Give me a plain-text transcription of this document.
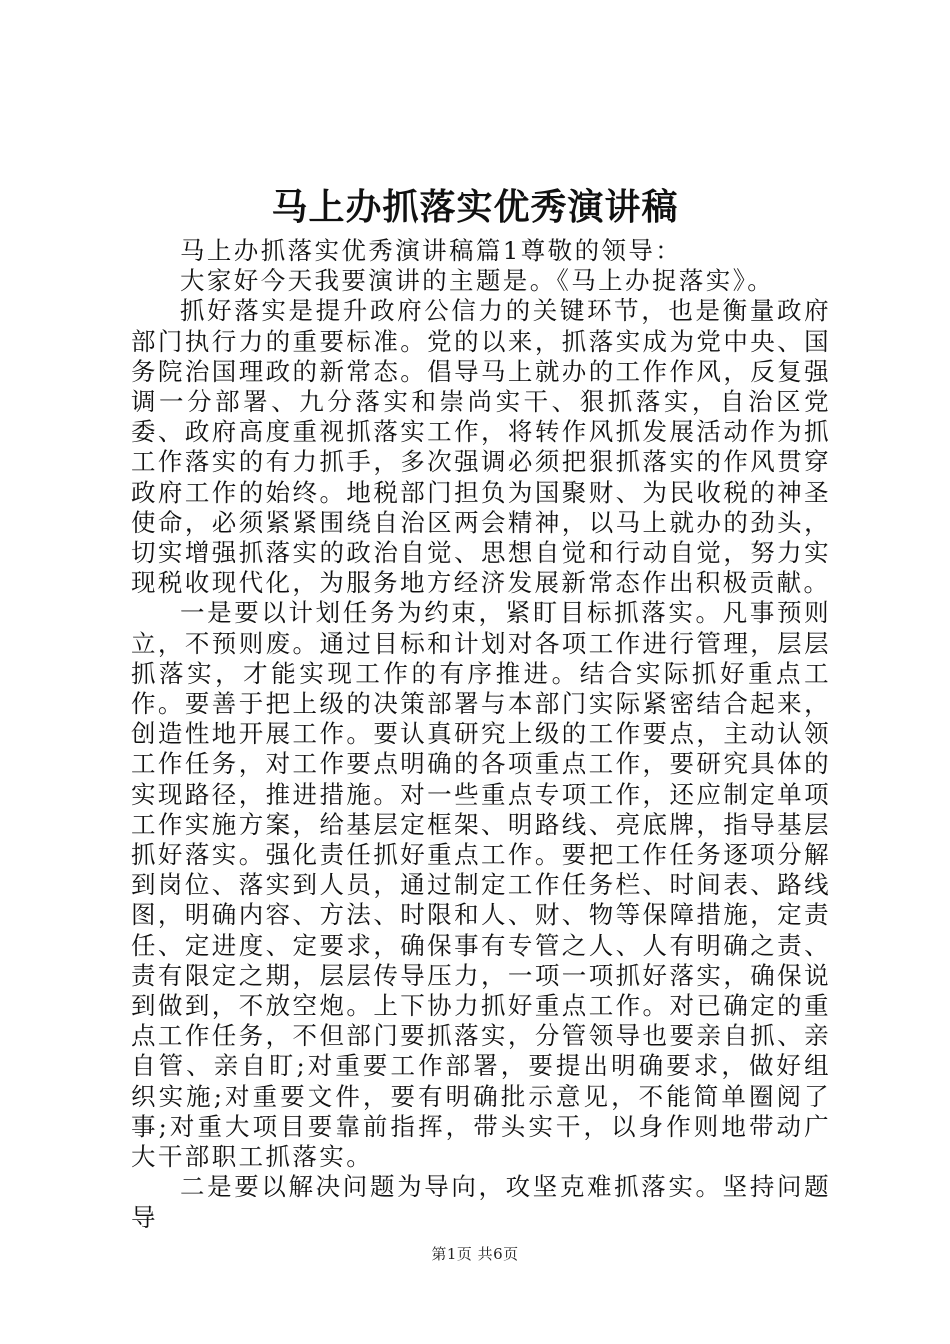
马上办抓落实优秀演讲稿

马上办抓落实优秀演讲稿篇1尊敬的领导：

大家好今天我要演讲的主题是。《马上办捉落实》。

抓好落实是提升政府公信力的关键环节，也是衡量政府部门执行力的重要标准。党的以来，抓落实成为党中央、国务院治国理政的新常态。倡导马上就办的工作作风，反复强调一分部署、九分落实和崇尚实干、狠抓落实，自治区党委、政府高度重视抓落实工作，将转作风抓发展活动作为抓工作落实的有力抓手，多次强调必须把狠抓落实的作风贯穿政府工作的始终。地税部门担负为国聚财、为民收税的神圣使命，必须紧紧围绕自治区两会精神，以马上就办的劲头，切实增强抓落实的政治自觉、思想自觉和行动自觉，努力实现税收现代化，为服务地方经济发展新常态作出积极贡献。

一是要以计划任务为约束，紧盯目标抓落实。凡事预则立，不预则废。通过目标和计划对各项工作进行管理，层层抓落实，才能实现工作的有序推进。结合实际抓好重点工作。要善于把上级的决策部署与本部门实际紧密结合起来，创造性地开展工作。要认真研究上级的工作要点，主动认领工作任务，对工作要点明确的各项重点工作，要研究具体的实现路径，推进措施。对一些重点专项工作，还应制定单项工作实施方案，给基层定框架、明路线、亮底牌，指导基层抓好落实。强化责任抓好重点工作。要把工作任务逐项分解到岗位、落实到人员，通过制定工作任务栏、时间表、路线图，明确内容、方法、时限和人、财、物等保障措施，定责任、定进度、定要求，确保事有专管之人、人有明确之责、责有限定之期，层层传导压力，一项一项抓好落实，确保说到做到，不放空炮。上下协力抓好重点工作。对已确定的重点工作任务，不但部门要抓落实，分管领导也要亲自抓、亲自管、亲自盯;对重要工作部署，要提出明确要求，做好组织实施;对重要文件，要有明确批示意见，不能简单圈阅了事;对重大项目要靠前指挥，带头实干，以身作则地带动广大干部职工抓落实。

二是要以解决问题为导向，攻坚克难抓落实。坚持问题导

第1页 共6页
